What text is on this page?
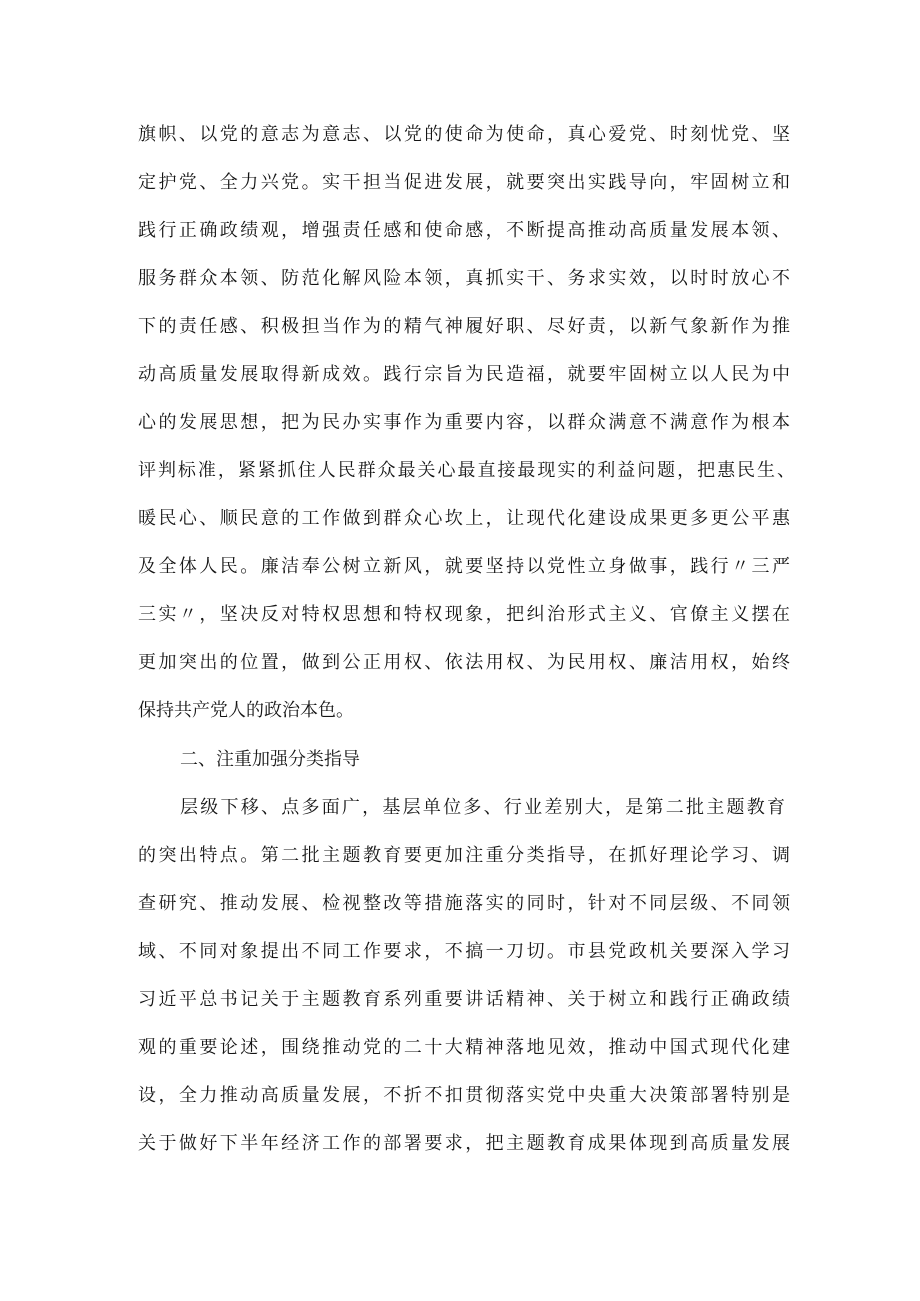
旗帜、以党的意志为意志、以党的使命为使命，真心爱党、时刻忧党、坚
定护党、全力兴党。实干担当促进发展，就要突出实践导向，牢固树立和
践行正确政绩观，增强责任感和使命感，不断提高推动高质量发展本领、
服务群众本领、防范化解风险本领，真抓实干、务求实效，以时时放心不
下的责任感、积极担当作为的精气神履好职、尽好责，以新气象新作为推
动高质量发展取得新成效。践行宗旨为民造福，就要牢固树立以人民为中
心的发展思想，把为民办实事作为重要内容，以群众满意不满意作为根本
评判标准，紧紧抓住人民群众最关心最直接最现实的利益问题，把惠民生、
暖民心、顺民意的工作做到群众心坎上，让现代化建设成果更多更公平惠
及全体人民。廉洁奉公树立新风，就要坚持以党性立身做事，践行〃三严
三实〃，坚决反对特权思想和特权现象，把纠治形式主义、官僚主义摆在
更加突出的位置，做到公正用权、依法用权、为民用权、廉洁用权，始终
保持共产党人的政治本色。
二、注重加强分类指导
层级下移、点多面广，基层单位多、行业差别大，是第二批主题教育
的突出特点。第二批主题教育要更加注重分类指导，在抓好理论学习、调
查研究、推动发展、检视整改等措施落实的同时，针对不同层级、不同领
域、不同对象提出不同工作要求，不搞一刀切。市县党政机关要深入学习
习近平总书记关于主题教育系列重要讲话精神、关于树立和践行正确政绩
观的重要论述，围绕推动党的二十大精神落地见效，推动中国式现代化建
设，全力推动高质量发展，不折不扣贯彻落实党中央重大决策部署特别是
关于做好下半年经济工作的部署要求，把主题教育成果体现到高质量发展
